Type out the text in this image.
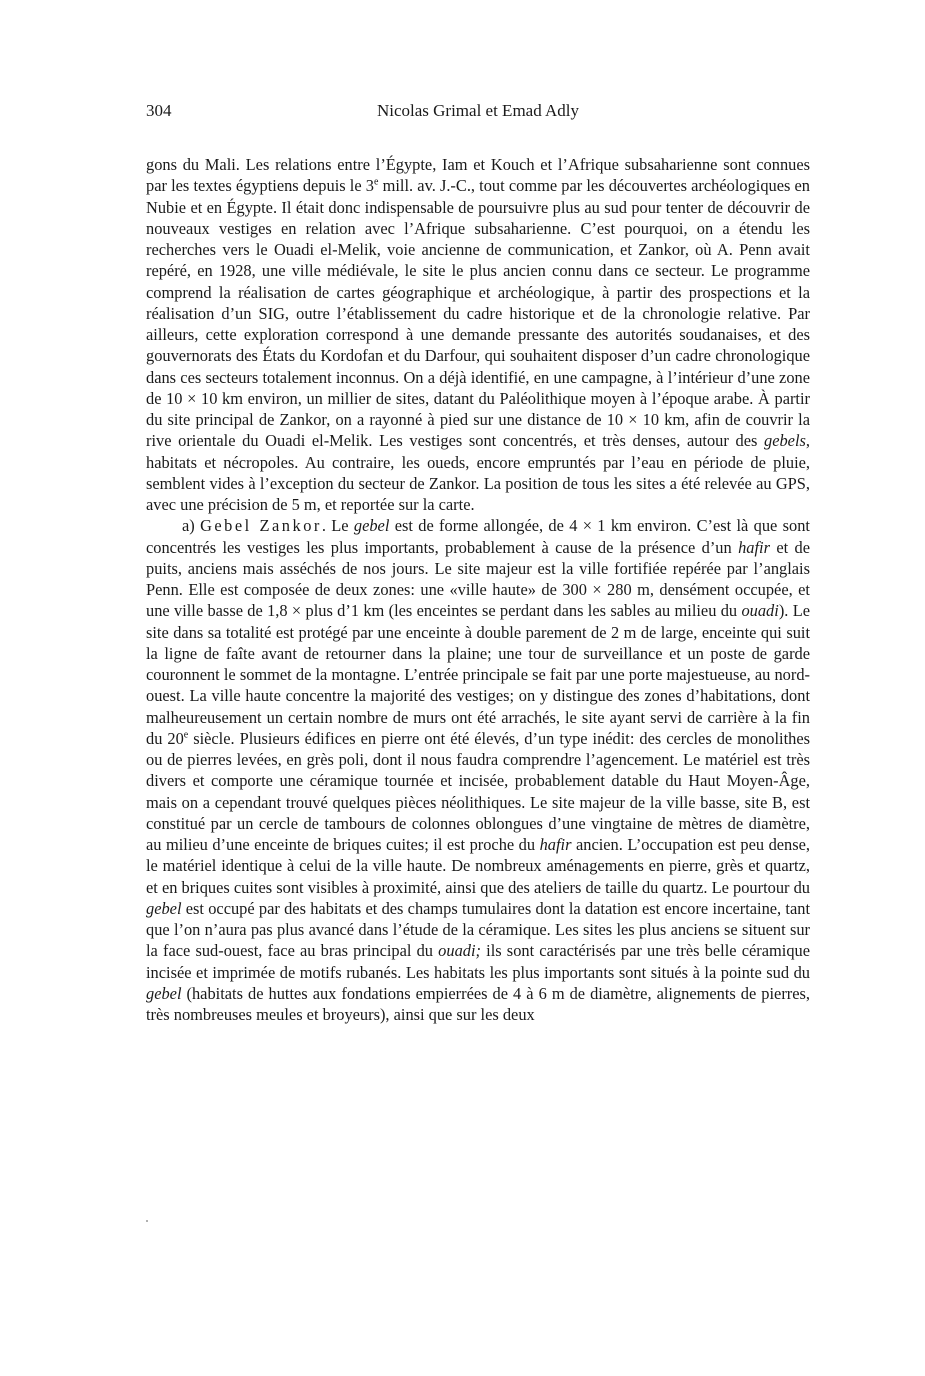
304	Nicolas Grimal et Emad Adly

gons du Mali. Les relations entre l’Égypte, Iam et Kouch et l’Afrique subsaharienne sont connues par les textes égyptiens depuis le 3e mill. av. J.-C., tout comme par les découvertes archéologiques en Nubie et en Égypte. Il était donc indispensable de poursuivre plus au sud pour tenter de découvrir de nouveaux vestiges en relation avec l’Afrique subsaharienne. C’est pourquoi, on a étendu les recherches vers le Ouadi el-Melik, voie ancienne de communication, et Zankor, où A. Penn avait repéré, en 1928, une ville médiévale, le site le plus ancien connu dans ce secteur. Le programme comprend la réalisation de cartes géographique et archéologique, à partir des prospections et la réalisation d’un SIG, outre l’établissement du cadre historique et de la chronologie relative. Par ailleurs, cette exploration correspond à une demande pressante des autorités soudanaises, et des gouvernorats des États du Kordofan et du Darfour, qui souhaitent disposer d’un cadre chronologique dans ces secteurs totalement inconnus. On a déjà identifié, en une campagne, à l’intérieur d’une zone de 10 × 10 km environ, un millier de sites, datant du Paléolithique moyen à l’époque arabe. À partir du site principal de Zankor, on a rayonné à pied sur une distance de 10 × 10 km, afin de couvrir la rive orientale du Ouadi el-Melik. Les vestiges sont concentrés, et très denses, autour des gebels, habitats et nécropoles. Au contraire, les oueds, encore empruntés par l’eau en période de pluie, semblent vides à l’exception du secteur de Zankor. La position de tous les sites a été relevée au GPS, avec une précision de 5 m, et reportée sur la carte.

a) Gebel Zankor. Le gebel est de forme allongée, de 4 × 1 km environ. C’est là que sont concentrés les vestiges les plus importants, probablement à cause de la présence d’un hafir et de puits, anciens mais asséchés de nos jours. Le site majeur est la ville fortifiée repérée par l’anglais Penn. Elle est composée de deux zones: une «ville haute» de 300 × 280 m, densément occupée, et une ville basse de 1,8 × plus d’1 km (les enceintes se perdant dans les sables au milieu du ouadi). Le site dans sa totalité est protégé par une enceinte à double parement de 2 m de large, enceinte qui suit la ligne de faîte avant de retourner dans la plaine; une tour de surveillance et un poste de garde couronnent le sommet de la montagne. L’entrée principale se fait par une porte majestueuse, au nord-ouest. La ville haute concentre la majorité des vestiges; on y distingue des zones d’habitations, dont malheureusement un certain nombre de murs ont été arrachés, le site ayant servi de carrière à la fin du 20e siècle. Plusieurs édifices en pierre ont été élevés, d’un type inédit: des cercles de monolithes ou de pierres levées, en grès poli, dont il nous faudra comprendre l’agencement. Le matériel est très divers et comporte une céramique tournée et incisée, probablement datable du Haut Moyen-Âge, mais on a cependant trouvé quelques pièces néolithiques. Le site majeur de la ville basse, site B, est constitué par un cercle de tambours de colonnes oblongues d’une vingtaine de mètres de diamètre, au milieu d’une enceinte de briques cuites; il est proche du hafir ancien. L’occupation est peu dense, le matériel identique à celui de la ville haute. De nombreux aménagements en pierre, grès et quartz, et en briques cuites sont visibles à proximité, ainsi que des ateliers de taille du quartz. Le pourtour du gebel est occupé par des habitats et des champs tumulaires dont la datation est encore incertaine, tant que l’on n’aura pas plus avancé dans l’étude de la céramique. Les sites les plus anciens se situent sur la face sud-ouest, face au bras principal du ouadi; ils sont caractérisés par une très belle céramique incisée et imprimée de motifs rubanés. Les habitats les plus importants sont situés à la pointe sud du gebel (habitats de huttes aux fondations empierrées de 4 à 6 m de diamètre, alignements de pierres, très nombreuses meules et broyeurs), ainsi que sur les deux
